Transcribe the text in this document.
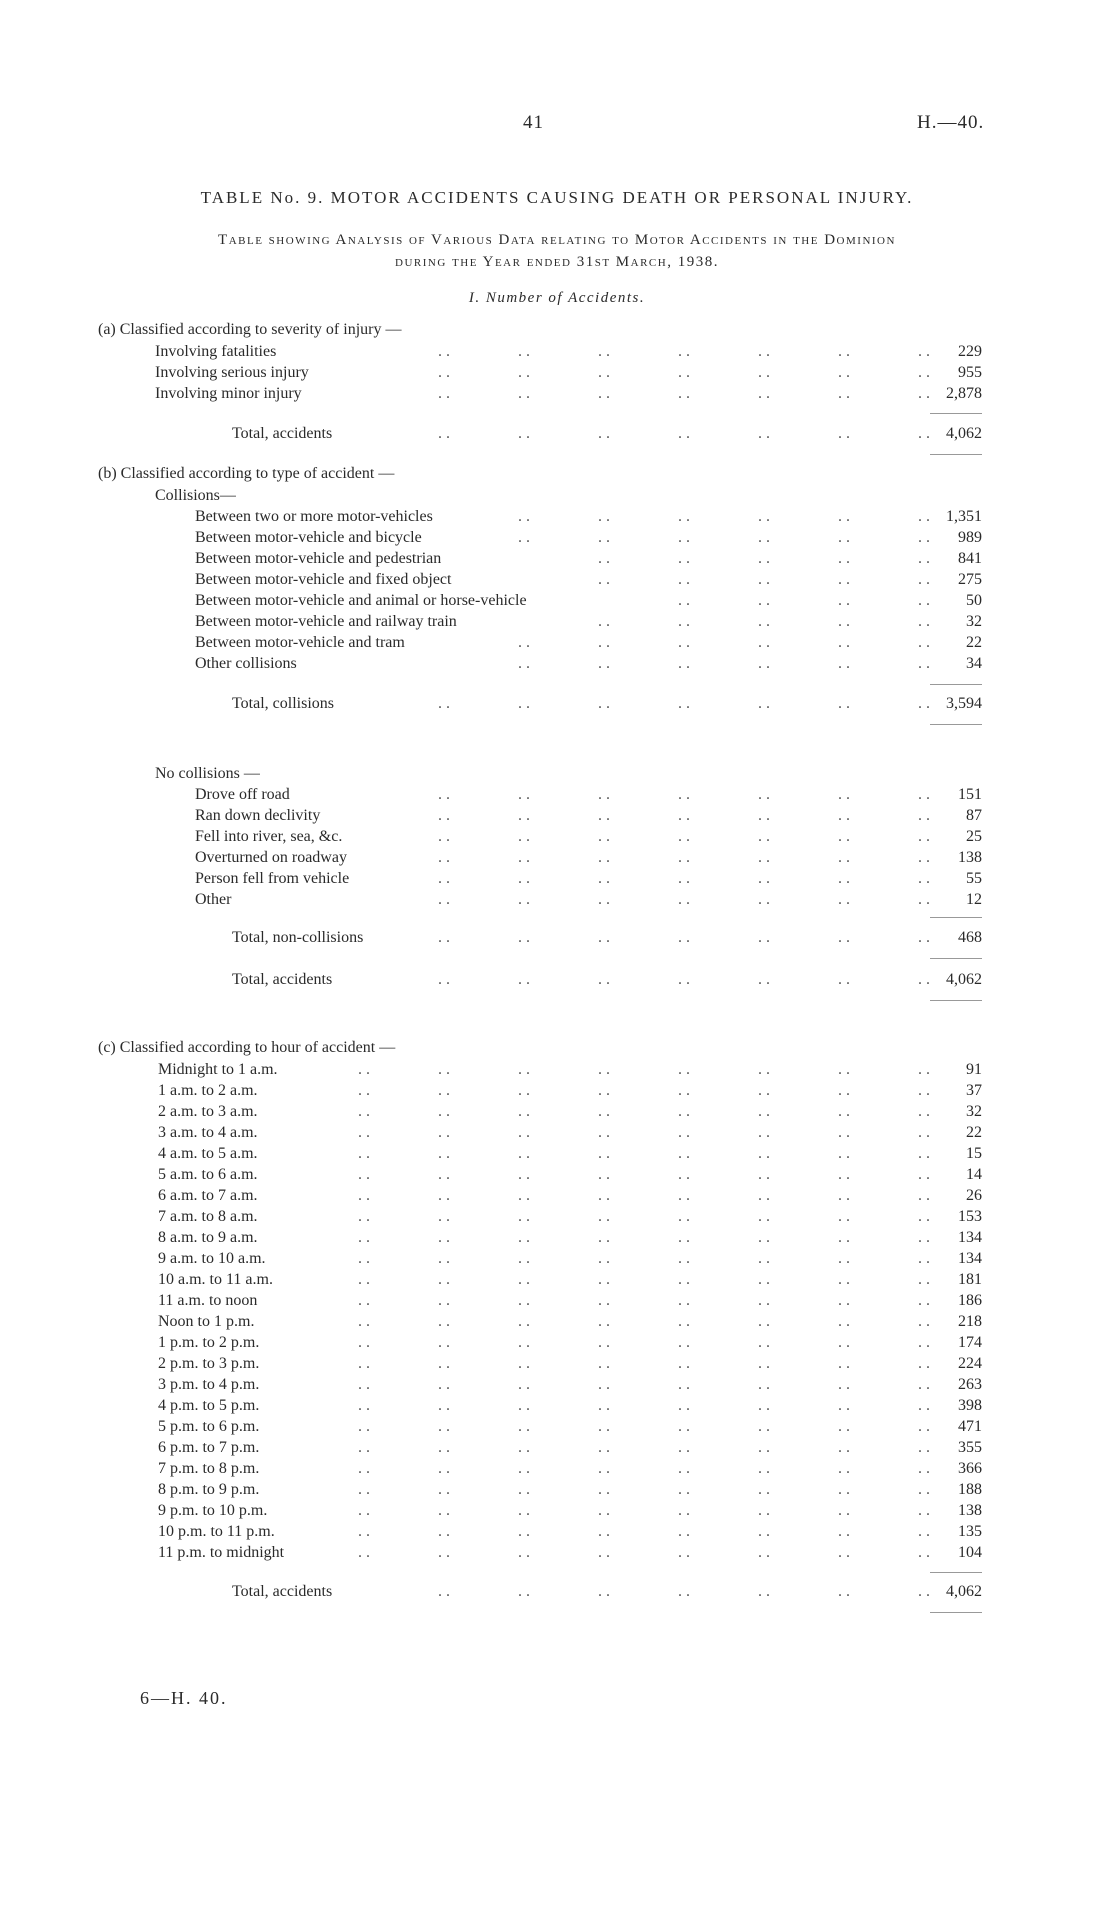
41	H.—40.
TABLE No. 9. MOTOR ACCIDENTS CAUSING DEATH OR PERSONAL INJURY.
Table showing Analysis of Various Data relating to Motor Accidents in the Dominion
during the Year ended 31st March, 1938.
I. Number of Accidents.
(a) Classified according to severity of injury —
Involving fatalities	. .	. .	. .	. .	. .	. .	. . 229
Involving serious injury	. .	. .	. .	. .	. .	. .	. . 955
Involving minor injury	. .	. .	. .	. .	. .	. .	. . 2,878
Total, accidents	. .	. .	. .	. .	. .	. .	. . 4,062
(b) Classified according to type of accident —
Collisions—
Between two or more motor-vehicles	. .	. .	. .	. .	. .	. . 1,351
Between motor-vehicle and bicycle	. .	. .	. .	. .	. .	. . 989
Between motor-vehicle and pedestrian	. .	. .	. .	. .	. . 841
Between motor-vehicle and fixed object	. .	. .	. .	. .	. . 275
Between motor-vehicle and animal or horse-vehicle	. .	. .	. .	. . 50
Between motor-vehicle and railway train	. .	. .	. .	. .	. . 32
Between motor-vehicle and tram	. .	. .	. .	. .	. .	. . 22
Other collisions	. .	. .	. .	. .	. .	. . 34
Total, collisions	. .	. .	. .	. .	. .	. .	. . 3,594
No collisions —
Drove off road	. .	. .	. .	. .	. .	. .	. . 151
Ran down declivity	. .	. .	. .	. .	. .	. .	. . 87
Fell into river, sea, &c.	. .	. .	. .	. .	. .	. .	. . 25
Overturned on roadway	. .	. .	. .	. .	. .	. .	. . 138
Person fell from vehicle	. .	. .	. .	. .	. .	. .	. . 55
Other	. .	. .	. .	. .	. .	. .	. . 12
Total, non-collisions	. .	. .	. .	. .	. .	. .	. . 468
Total, accidents	. .	. .	. .	. .	. .	. .	. . 4,062
(c) Classified according to hour of accident —
Midnight to 1 a.m.	. .	. .	. .	. .	. .	. .	. .	. . 91
1 a.m. to 2 a.m.	. .	. .	. .	. .	. .	. .	. .	. . 37
2 a.m. to 3 a.m.	. .	. .	. .	. .	. .	. .	. .	. . 32
3 a.m. to 4 a.m.	. .	. .	. .	. .	. .	. .	. .	. . 22
4 a.m. to 5 a.m.	. .	. .	. .	. .	. .	. .	. .	. . 15
5 a.m. to 6 a.m.	. .	. .	. .	. .	. .	. .	. .	. . 14
6 a.m. to 7 a.m.	. .	. .	. .	. .	. .	. .	. .	. . 26
7 a.m. to 8 a.m.	. .	. .	. .	. .	. .	. .	. .	. . 153
8 a.m. to 9 a.m.	. .	. .	. .	. .	. .	. .	. .	. . 134
9 a.m. to 10 a.m.	. .	. .	. .	. .	. .	. .	. .	. . 134
10 a.m. to 11 a.m.	. .	. .	. .	. .	. .	. .	. .	. . 181
11 a.m. to noon	. .	. .	. .	. .	. .	. .	. .	. . 186
Noon to 1 p.m.	. .	. .	. .	. .	. .	. .	. .	. . 218
1 p.m. to 2 p.m.	. .	. .	. .	. .	. .	. .	. .	. . 174
2 p.m. to 3 p.m.	. .	. .	. .	. .	. .	. .	. .	. . 224
3 p.m. to 4 p.m.	. .	. .	. .	. .	. .	. .	. .	. . 263
4 p.m. to 5 p.m.	. .	. .	. .	. .	. .	. .	. .	. . 398
5 p.m. to 6 p.m.	. .	. .	. .	. .	. .	. .	. .	. . 471
6 p.m. to 7 p.m.	. .	. .	. .	. .	. .	. .	. .	. . 355
7 p.m. to 8 p.m.	. .	. .	. .	. .	. .	. .	. .	. . 366
8 p.m. to 9 p.m.	. .	. .	. .	. .	. .	. .	. .	. . 188
9 p.m. to 10 p.m.	. .	. .	. .	. .	. .	. .	. .	. . 138
10 p.m. to 11 p.m.	. .	. .	. .	. .	. .	. .	. .	. . 135
11 p.m. to midnight	. .	. .	. .	. .	. .	. .	. .	. . 104
Total, accidents	. .	. .	. .	. .	. .	. .	. . 4,062
6—H. 40.
